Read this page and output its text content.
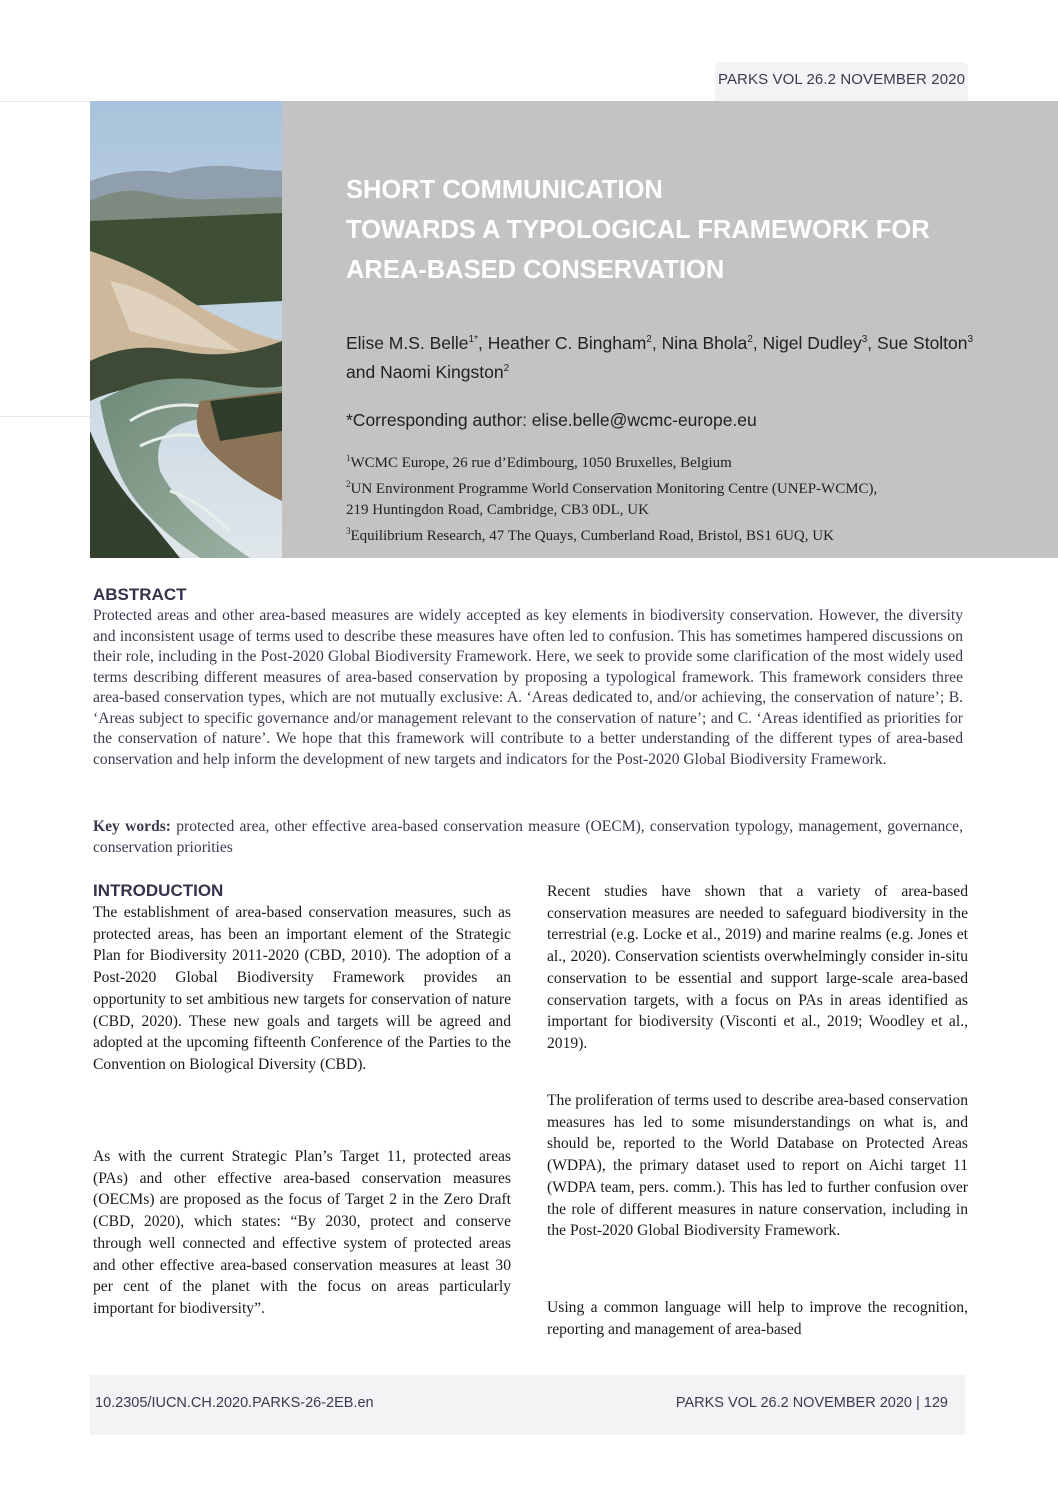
PARKS VOL 26.2 NOVEMBER 2020
SHORT COMMUNICATION
TOWARDS A TYPOLOGICAL FRAMEWORK FOR
AREA-BASED CONSERVATION
Elise M.S. Belle$^{1*}$, Heather C. Bingham$^2$, Nina Bhola$^2$, Nigel Dudley$^3$, Sue Stolton$^3$ and Naomi Kingston$^2$
*Corresponding author: elise.belle@wcmc-europe.eu
$^1$WCMC Europe, 26 rue d’Edimbourg, 1050 Bruxelles, Belgium
$^2$UN Environment Programme World Conservation Monitoring Centre (UNEP-WCMC),
219 Huntingdon Road, Cambridge, CB3 0DL, UK
$^3$Equilibrium Research, 47 The Quays, Cumberland Road, Bristol, BS1 6UQ, UK
ABSTRACT
Protected areas and other area-based measures are widely accepted as key elements in biodiversity conservation. However, the diversity and inconsistent usage of terms used to describe these measures have often led to confusion. This has sometimes hampered discussions on their role, including in the Post-2020 Global Biodiversity Framework. Here, we seek to provide some clarification of the most widely used terms describing different measures of area-based conservation by proposing a typological framework. This framework considers three area-based conservation types, which are not mutually exclusive: A. ‘Areas dedicated to, and/or achieving, the conservation of nature’; B. ‘Areas subject to specific governance and/or management relevant to the conservation of nature’; and C. ‘Areas identified as priorities for the conservation of nature’. We hope that this framework will contribute to a better understanding of the different types of area-based conservation and help inform the development of new targets and indicators for the Post-2020 Global Biodiversity Framework.
Key words: protected area, other effective area-based conservation measure (OECM), conservation typology, management, governance, conservation priorities
INTRODUCTION

The establishment of area-based conservation measures, such as protected areas, has been an important element of the Strategic Plan for Biodiversity 2011-2020 (CBD, 2010). The adoption of a Post-2020 Global Biodiversity Framework provides an opportunity to set ambitious new targets for conservation of nature (CBD, 2020). These new goals and targets will be agreed and adopted at the upcoming fifteenth Conference of the Parties to the Convention on Biological Diversity (CBD).

As with the current Strategic Plan’s Target 11, protected areas (PAs) and other effective area-based conservation measures (OECMs) are proposed as the focus of Target 2 in the Zero Draft (CBD, 2020), which states: “By 2030, protect and conserve through well connected and effective system of protected areas and other effective area-based conservation measures at least 30 per cent of the planet with the focus on areas particularly important for biodiversity”.

Recent studies have shown that a variety of area-based conservation measures are needed to safeguard biodiversity in the terrestrial (e.g. Locke et al., 2019) and marine realms (e.g. Jones et al., 2020). Conservation scientists overwhelmingly consider in-situ conservation to be essential and support large-scale area-based conservation targets, with a focus on PAs in areas identified as important for biodiversity (Visconti et al., 2019; Woodley et al., 2019).

The proliferation of terms used to describe area-based conservation measures has led to some misunderstandings on what is, and should be, reported to the World Database on Protected Areas (WDPA), the primary dataset used to report on Aichi target 11 (WDPA team, pers. comm.). This has led to further confusion over the role of different measures in nature conservation, including in the Post-2020 Global Biodiversity Framework.

Using a common language will help to improve the recognition, reporting and management of area-based

10.2305/IUCN.CH.2020.PARKS-26-2EB.en	PARKS VOL 26.2 NOVEMBER 2020 | 129
